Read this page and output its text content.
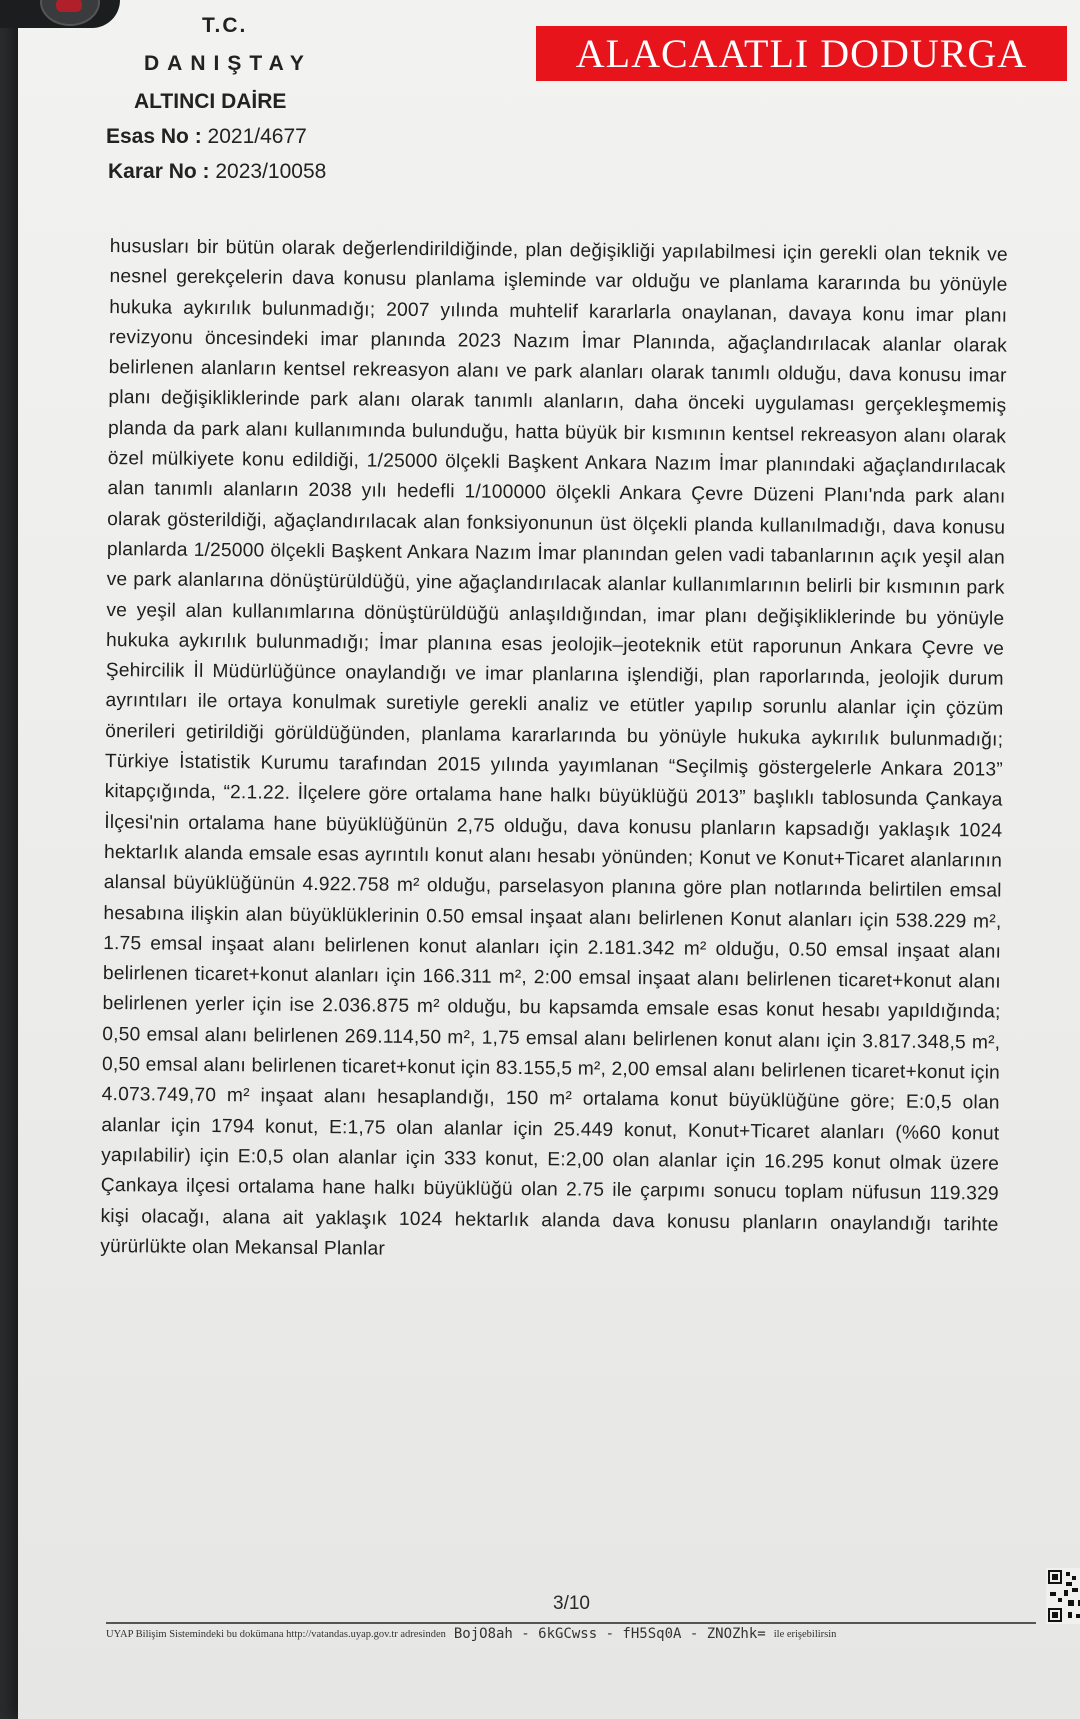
T.C.
DANIŞTAY
ALTINCI DAİRE
Esas No : 2021/4677
Karar No : 2023/10058
ALACAATLI DODURGA

hususları bir bütün olarak değerlendirildiğinde, plan değişikliği yapılabilmesi için gerekli olan teknik ve nesnel gerekçelerin dava konusu planlama işleminde var olduğu ve planlama kararında bu yönüyle hukuka aykırılık bulunmadığı; 2007 yılında muhtelif kararlarla onaylanan, davaya konu imar planı revizyonu öncesindeki imar planında 2023 Nazım İmar Planında, ağaçlandırılacak alanlar olarak belirlenen alanların kentsel rekreasyon alanı ve park alanları olarak tanımlı olduğu, dava konusu imar planı değişikliklerinde park alanı olarak tanımlı alanların, daha önceki uygulaması gerçekleşmemiş planda da park alanı kullanımında bulunduğu, hatta büyük bir kısmının kentsel rekreasyon alanı olarak özel mülkiyete konu edildiği, 1/25000 ölçekli Başkent Ankara Nazım İmar planındaki ağaçlandırılacak alan tanımlı alanların 2038 yılı hedefli 1/100000 ölçekli Ankara Çevre Düzeni Planı'nda park alanı olarak gösterildiği, ağaçlandırılacak alan fonksiyonunun üst ölçekli planda kullanılmadığı, dava konusu planlarda 1/25000 ölçekli Başkent Ankara Nazım İmar planından gelen vadi tabanlarının açık yeşil alan ve park alanlarına dönüştürüldüğü, yine ağaçlandırılacak alanlar kullanımlarının belirli bir kısmının park ve yeşil alan kullanımlarına dönüştürüldüğü anlaşıldığından, imar planı değişikliklerinde bu yönüyle hukuka aykırılık bulunmadığı; İmar planına esas jeolojik–jeoteknik etüt raporunun Ankara Çevre ve Şehircilik İl Müdürlüğünce onaylandığı ve imar planlarına işlendiği, plan raporlarında, jeolojik durum ayrıntıları ile ortaya konulmak suretiyle gerekli analiz ve etütler yapılıp sorunlu alanlar için çözüm önerileri getirildiği görüldüğünden, planlama kararlarında bu yönüyle hukuka aykırılık bulunmadığı; Türkiye İstatistik Kurumu tarafından 2015 yılında yayımlanan “Seçilmiş göstergelerle Ankara 2013” kitapçığında, “2.1.22. İlçelere göre ortalama hane halkı büyüklüğü 2013” başlıklı tablosunda Çankaya İlçesi'nin ortalama hane büyüklüğünün 2,75 olduğu, dava konusu planların kapsadığı yaklaşık 1024 hektarlık alanda emsale esas ayrıntılı konut alanı hesabı yönünden; Konut ve Konut+Ticaret alanlarının alansal büyüklüğünün 4.922.758 m² olduğu, parselasyon planına göre plan notlarında belirtilen emsal hesabına ilişkin alan büyüklüklerinin 0.50 emsal inşaat alanı belirlenen Konut alanları için 538.229 m², 1.75 emsal inşaat alanı belirlenen konut alanları için 2.181.342 m² olduğu, 0.50 emsal inşaat alanı belirlenen ticaret+konut alanları için 166.311 m², 2:00 emsal inşaat alanı belirlenen ticaret+konut alanı belirlenen yerler için ise 2.036.875 m² olduğu, bu kapsamda emsale esas konut hesabı yapıldığında; 0,50 emsal alanı belirlenen 269.114,50 m², 1,75 emsal alanı belirlenen konut alanı için 3.817.348,5 m², 0,50 emsal alanı belirlenen ticaret+konut için 83.155,5 m², 2,00 emsal alanı belirlenen ticaret+konut için 4.073.749,70 m² inşaat alanı hesaplandığı, 150 m² ortalama konut büyüklüğüne göre; E:0,5 olan alanlar için 1794 konut, E:1,75 olan alanlar için 25.449 konut, Konut+Ticaret alanları (%60 konut yapılabilir) için E:0,5 olan alanlar için 333 konut, E:2,00 olan alanlar için 16.295 konut olmak üzere Çankaya ilçesi ortalama hane halkı büyüklüğü olan 2.75 ile çarpımı sonucu toplam nüfusun 119.329 kişi olacağı, alana ait yaklaşık 1024 hektarlık alanda dava konusu planların onaylandığı tarihte yürürlükte olan Mekansal Planlar

3/10
UYAP Bilişim Sistemindeki bu dokümana http://vatandas.uyap.gov.tr adresinden BojO8ah - 6kGCwss - fH5Sq0A - ZNOZhk= ile erişebilirsin
